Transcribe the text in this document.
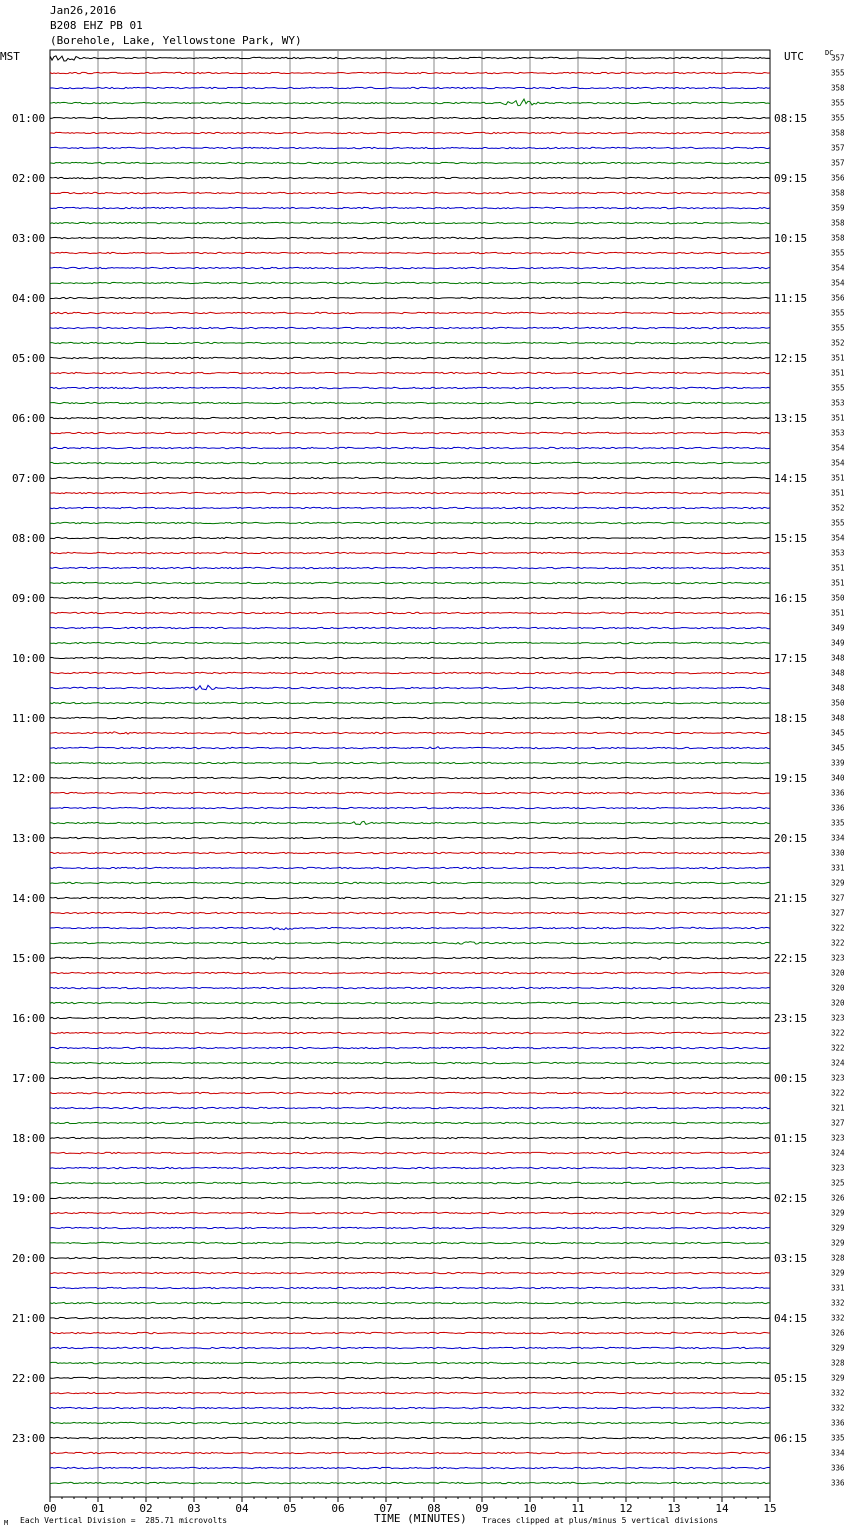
Jan26,2016
B208 EHZ PB 01
(Borehole, Lake, Yellowstone Park, WY)
MST	UTC	DC
357
355
358
355
355
358
357
357
356
358
359
358
358
355
354
354
356
355
355
352
351
351
355
353
351
353
354
354
351
351
352
355
354
353
351
351
350
351
349
349
348
348
348
350
348
345
345
339
340
336
336
335
334
330
331
329
327
327
322
322
323
320
320
320
323
322
322
324
323
322
321
327
323
324
323
325
326
329
329
329
328
329
331
332
332
326
329
328
329
332
332
336
335
334
336
336
01:00	08:15
02:00	09:15
03:00	10:15
04:00	11:15
05:00	12:15
06:00	13:15
07:00	14:15
08:00	15:15
09:00	16:15
10:00	17:15
11:00	18:15
12:00	19:15
13:00	20:15
14:00	21:15
15:00	22:15
16:00	23:15
17:00	00:15
18:00	01:15
19:00	02:15
20:00	03:15
21:00	04:15
22:00	05:15
23:00	06:15
00	01	02	03	04	05	06	07	08	09	10	11	12	13	14	15
M Each Vertical Division =  285.71 microvolts	TIME (MINUTES) Traces clipped at plus/minus 5 vertical divisions
